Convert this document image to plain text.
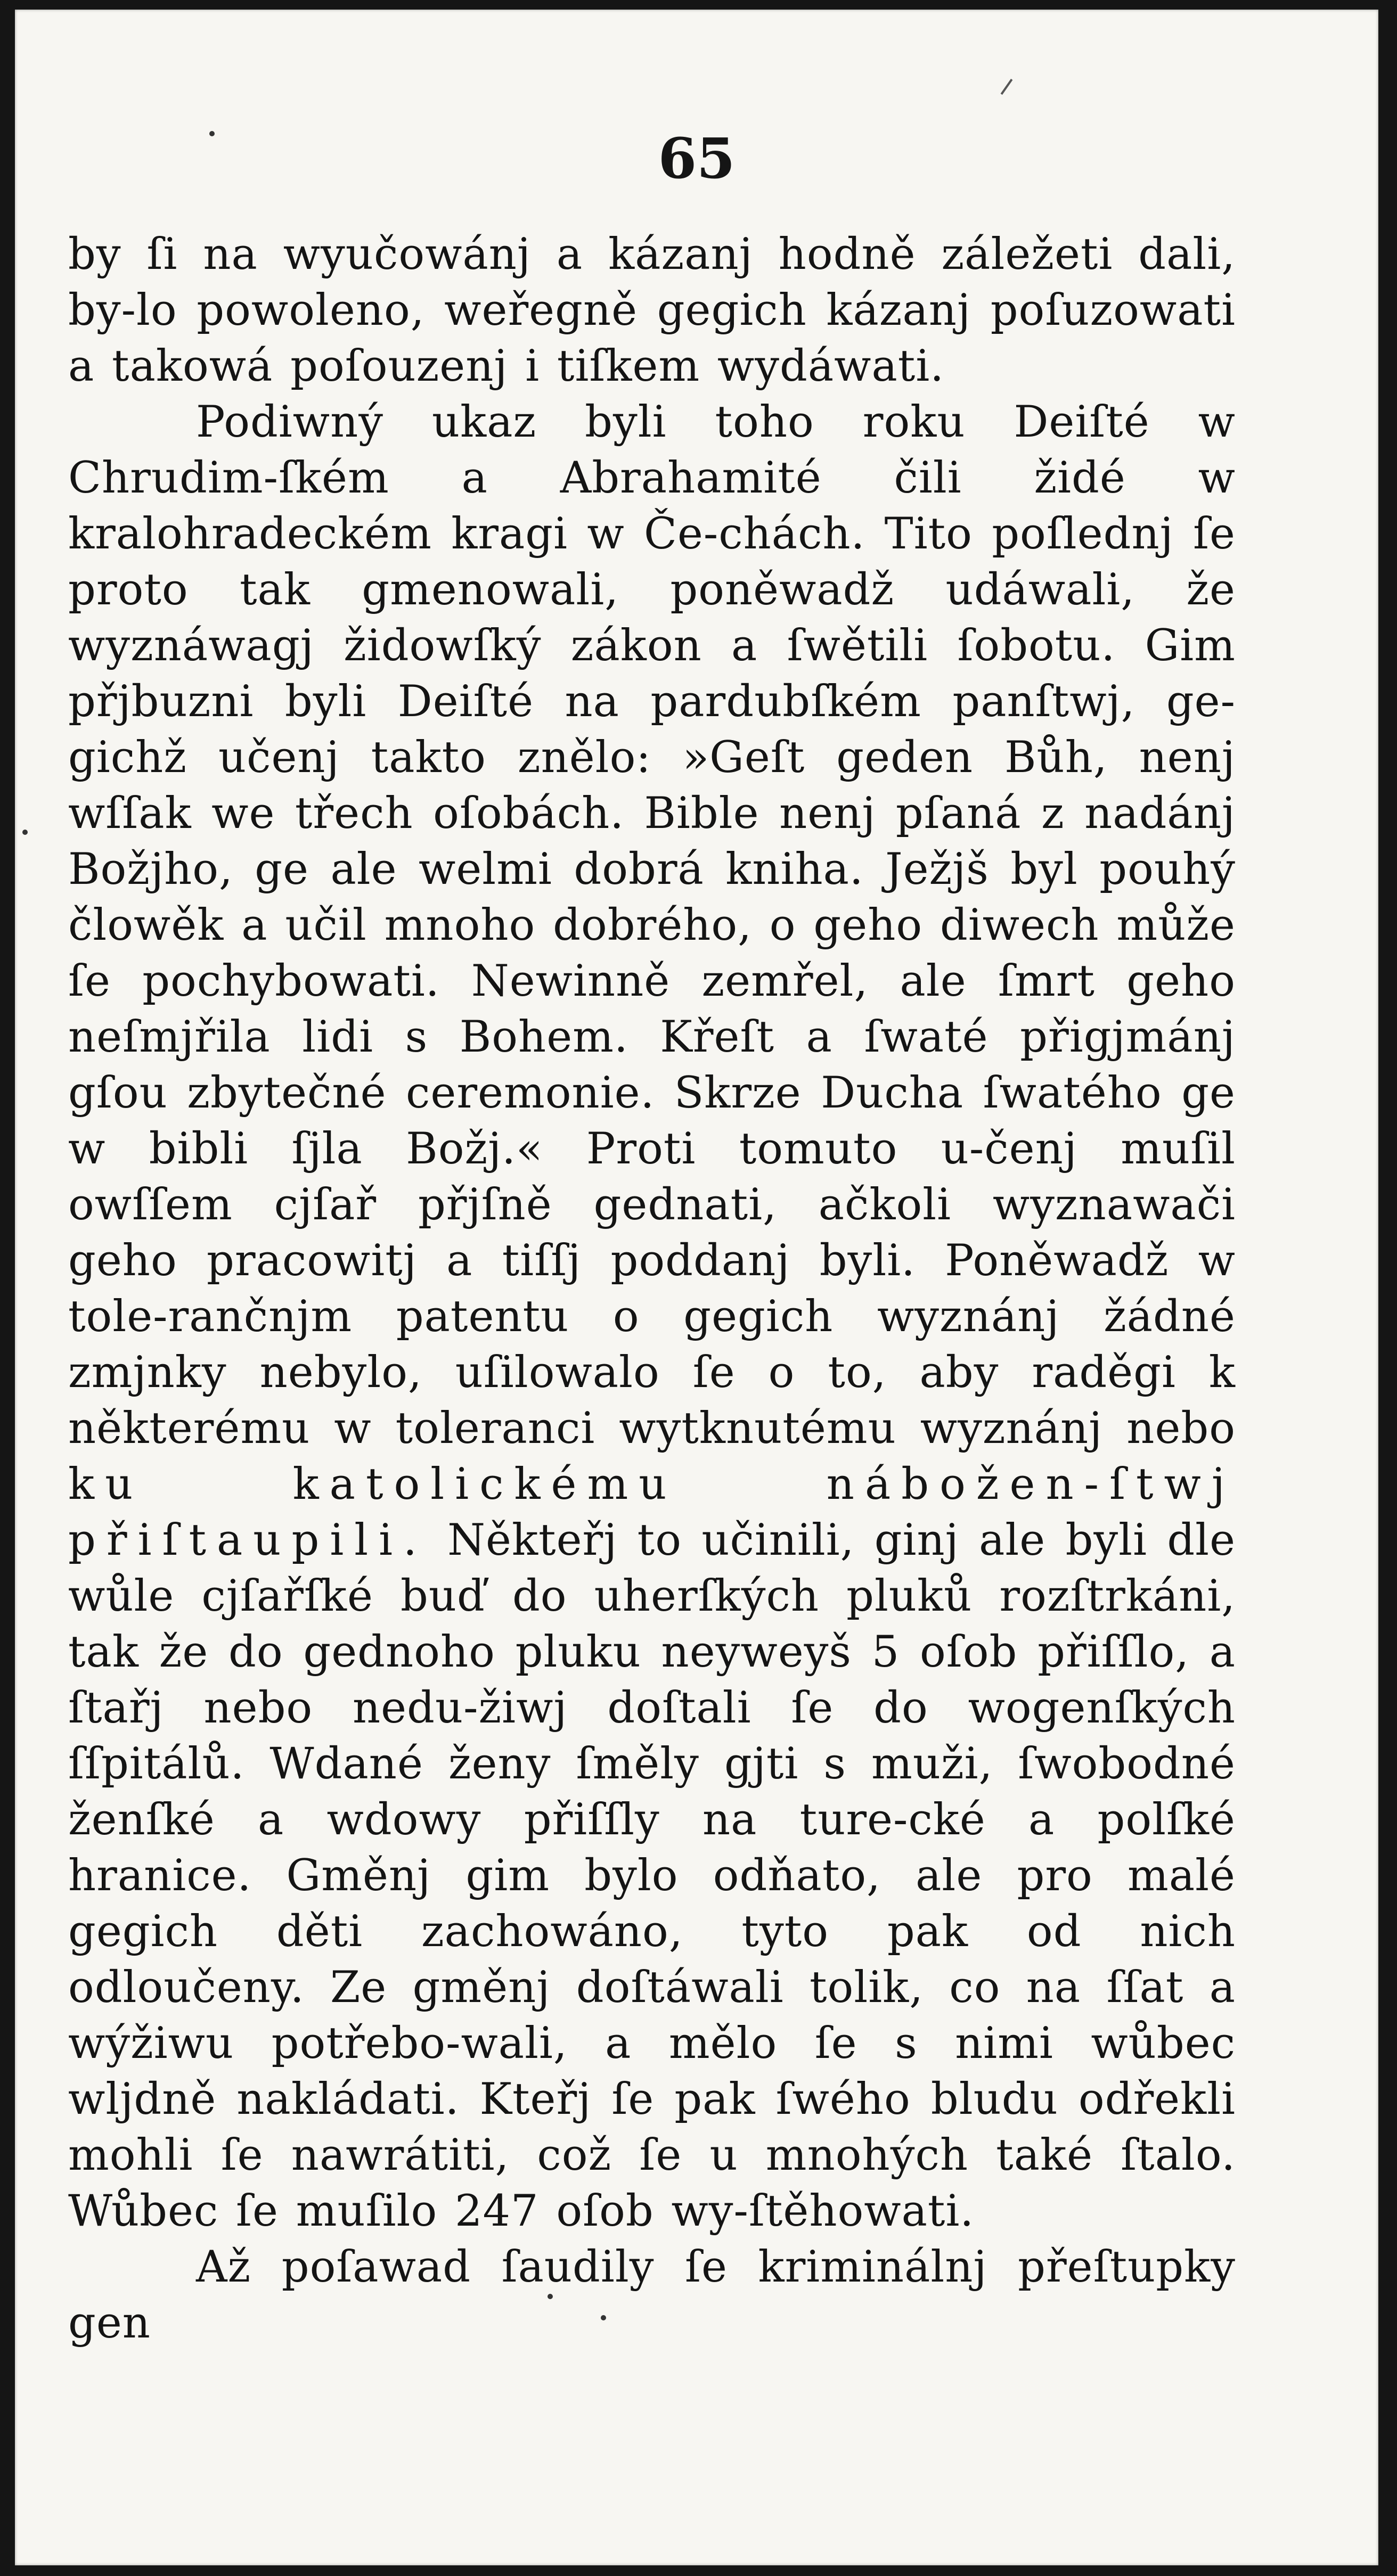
65

by ſi na wyučowánj a kázanj hodně záležeti dali, by-lo powoleno, weřegně gegich kázanj poſuzowati a takowá poſouzenj i tiſkem wydáwati.

Podiwný ukaz byli toho roku Deiſté w Chrudim-ſkém a Abrahamité čili židé w kralohradeckém kragi w Če-chách. Tito poſlednj ſe proto tak gmenowali, poněwadž udáwali, že wyznáwagj židowſký zákon a ſwětili ſobotu. Gim přjbuzni byli Deiſté na pardubſkém panſtwj, ge-gichž učenj takto znělo: »Geſt geden Bůh, nenj wſſak we třech oſobách. Bible nenj pſaná z nadánj Božjho, ge ale welmi dobrá kniha. Ježjš byl pouhý člowěk a učil mnoho dobrého, o geho diwech může ſe pochybowati. Newinně zemřel, ale ſmrt geho neſmjřila lidi s Bohem. Křeſt a ſwaté přigjmánj gſou zbytečné ceremonie. Skrze Ducha ſwatého ge w bibli ſjla Božj.« Proti tomuto u-čenj muſil owſſem cjſař přjſně gednati, ačkoli wyznawači geho pracowitj a tiſſj poddanj byli. Poněwadž w tole-rančnjm patentu o gegich wyznánj žádné zmjnky nebylo, uſilowalo ſe o to, aby raděgi k některému w toleranci wytknutému wyznánj nebo ku katolickému nábožen-ſtwj přiſtaupili. Někteřj to učinili, ginj ale byli dle wůle cjſařſké buď do uherſkých pluků rozſtrkáni, tak že do gednoho pluku neyweyš 5 oſob přiſſlo, a ſtařj nebo nedu-žiwj doſtali ſe do wogenſkých ſſpitálů. Wdané ženy ſměly gjti s muži, ſwobodné ženſké a wdowy přiſſly na ture-cké a polſké hranice. Gměnj gim bylo odňato, ale pro malé gegich děti zachowáno, tyto pak od nich odloučeny. Ze gměnj doſtáwali tolik, co na ſſat a wýžiwu potřebo-wali, a mělo ſe s nimi wůbec wljdně nakládati. Kteřj ſe pak ſwého bludu odřekli mohli ſe nawrátiti, což ſe u mnohých také ſtalo. Wůbec ſe muſilo 247 oſob wy-ſtěhowati.

Až poſawad ſaudily ſe kriminálnj přeſtupky gen
